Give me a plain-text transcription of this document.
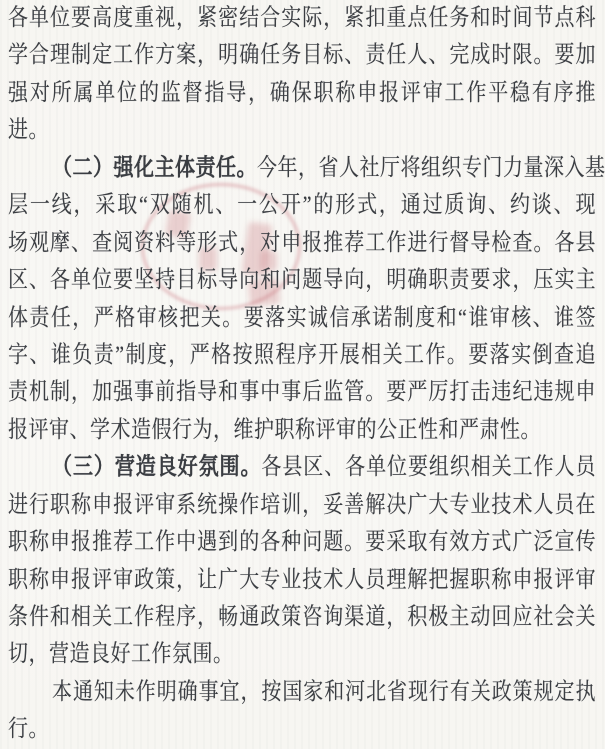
各单位要高度重视，紧密结合实际，紧扣重点任务和时间节点科
学合理制定工作方案，明确任务目标、责任人、完成时限。要加
强对所属单位的监督指导，确保职称申报评审工作平稳有序推
进。
（二）强化主体责任。今年，省人社厅将组织专门力量深入基
层一线，采取“双随机、一公开”的形式，通过质询、约谈、现
场观摩、查阅资料等形式，对申报推荐工作进行督导检查。各县
区、各单位要坚持目标导向和问题导向，明确职责要求，压实主
体责任，严格审核把关。要落实诚信承诺制度和“谁审核、谁签
字、谁负责”制度，严格按照程序开展相关工作。要落实倒查追
责机制，加强事前指导和事中事后监管。要严厉打击违纪违规申
报评审、学术造假行为，维护职称评审的公正性和严肃性。
（三）营造良好氛围。各县区、各单位要组织相关工作人员
进行职称申报评审系统操作培训，妥善解决广大专业技术人员在
职称申报推荐工作中遇到的各种问题。要采取有效方式广泛宣传
职称申报评审政策，让广大专业技术人员理解把握职称申报评审
条件和相关工作程序，畅通政策咨询渠道，积极主动回应社会关
切，营造良好工作氛围。
本通知未作明确事宜，按国家和河北省现行有关政策规定执
行。
